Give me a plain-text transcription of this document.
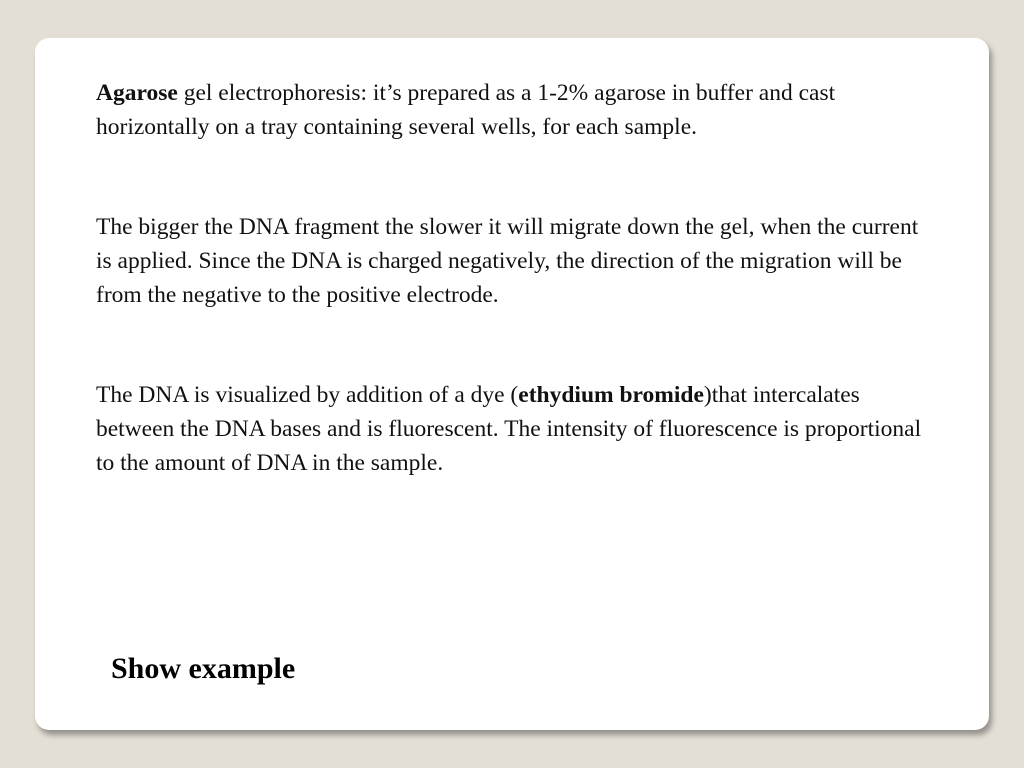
Agarose gel electrophoresis: it’s prepared as a 1-2% agarose in buffer and cast horizontally on a tray containing several wells, for each sample.

The bigger the DNA fragment the slower it will migrate down the gel, when the current is applied. Since the DNA is charged negatively, the direction of the migration will be from the negative to the positive electrode.

The DNA is visualized by addition of a dye (ethydium bromide)that intercalates between the DNA bases and is fluorescent. The intensity of fluorescence is proportional to the amount of DNA in the sample.

Show example
